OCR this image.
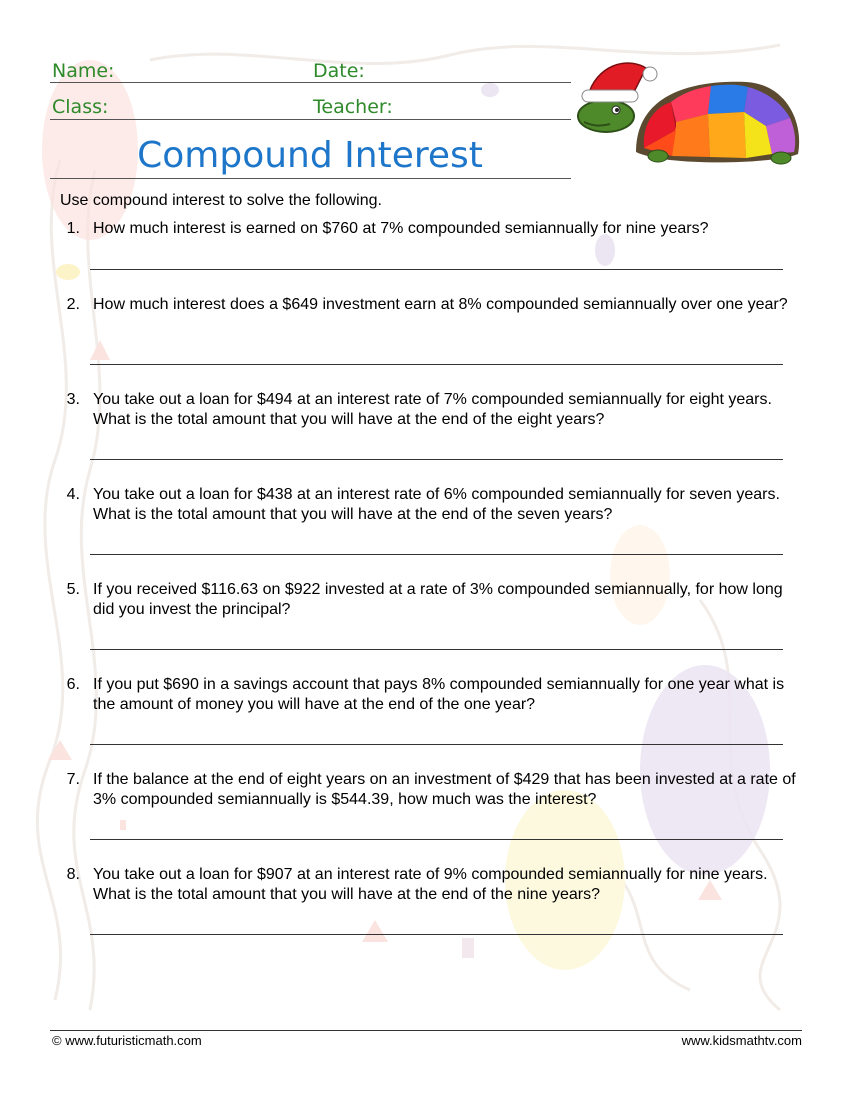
Name:	Date:
Class:	Teacher:
Compound Interest
Use compound interest to solve the following.
1. How much interest is earned on $760 at 7% compounded semiannually for nine years?
2. How much interest does a $649 investment earn at 8% compounded semiannually over one year?
3. You take out a loan for $494 at an interest rate of 7% compounded semiannually for eight years. What is the total amount that you will have at the end of the eight years?
4. You take out a loan for $438 at an interest rate of 6% compounded semiannually for seven years. What is the total amount that you will have at the end of the seven years?
5. If you received $116.63 on $922 invested at a rate of 3% compounded semiannually, for how long did you invest the principal?
6. If you put $690 in a savings account that pays 8% compounded semiannually for one year what is the amount of money you will have at the end of the one year?
7. If the balance at the end of eight years on an investment of $429 that has been invested at a rate of 3% compounded semiannually is $544.39, how much was the interest?
8. You take out a loan for $907 at an interest rate of 9% compounded semiannually for nine years. What is the total amount that you will have at the end of the nine years?
© www.futuristicmath.com	www.kidsmathtv.com
